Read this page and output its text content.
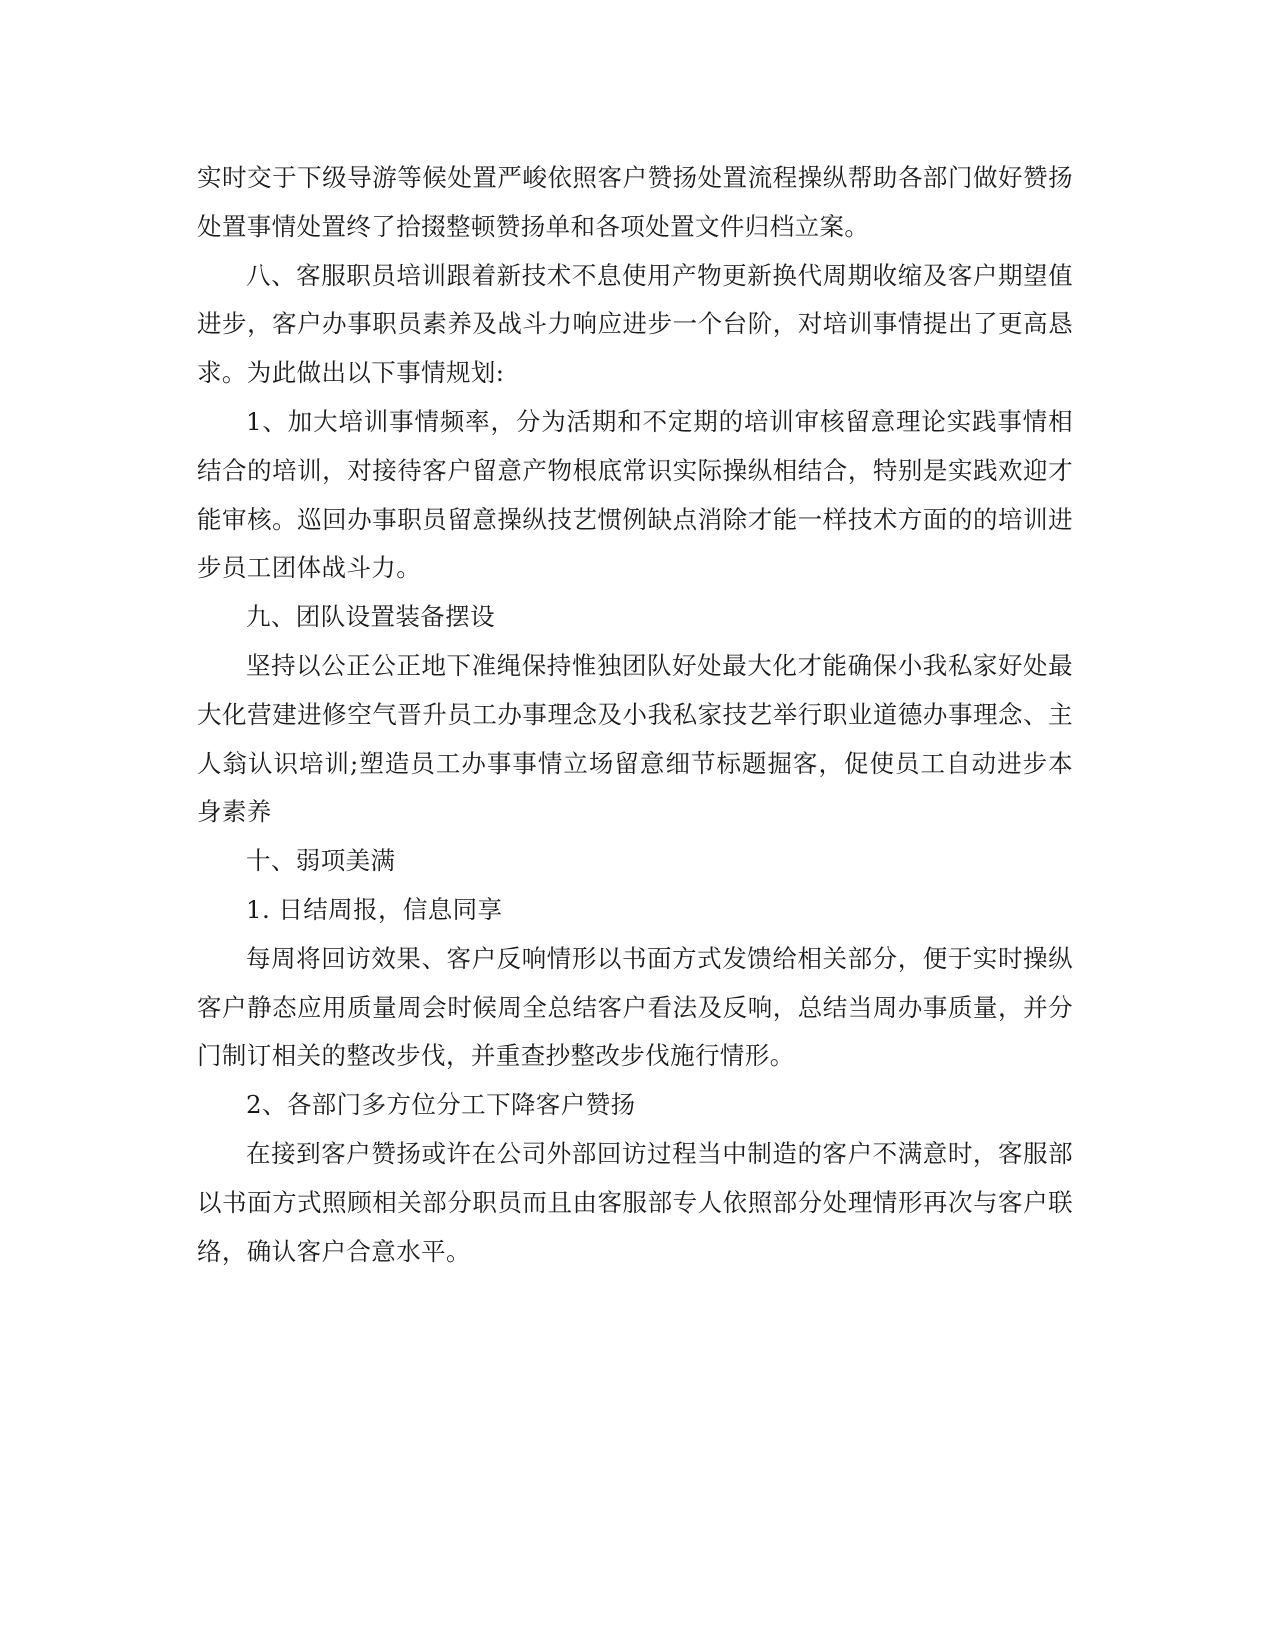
实时交于下级导游等候处置严峻依照客户赞扬处置流程操纵帮助各部门做好赞扬处置事情处置终了拾掇整顿赞扬单和各项处置文件归档立案。

八、客服职员培训跟着新技术不息使用产物更新换代周期收缩及客户期望值进步，客户办事职员素养及战斗力响应进步一个台阶，对培训事情提出了更高恳求。为此做出以下事情规划:

1、加大培训事情频率，分为活期和不定期的培训审核留意理论实践事情相结合的培训，对接待客户留意产物根底常识实际操纵相结合，特别是实践欢迎才能审核。巡回办事职员留意操纵技艺惯例缺点消除才能一样技术方面的的培训进步员工团体战斗力。

九、团队设置装备摆设

坚持以公正公正地下准绳保持惟独团队好处最大化才能确保小我私家好处最大化营建进修空气晋升员工办事理念及小我私家技艺举行职业道德办事理念、主人翁认识培训;塑造员工办事事情立场留意细节标题掘客，促使员工自动进步本身素养

十、弱项美满

1. 日结周报，信息同享

每周将回访效果、客户反响情形以书面方式发馈给相关部分，便于实时操纵客户静态应用质量周会时候周全总结客户看法及反响，总结当周办事质量，并分门制订相关的整改步伐，并重查抄整改步伐施行情形。

2、各部门多方位分工下降客户赞扬

在接到客户赞扬或许在公司外部回访过程当中制造的客户不满意时，客服部以书面方式照顾相关部分职员而且由客服部专人依照部分处理情形再次与客户联络，确认客户合意水平。
